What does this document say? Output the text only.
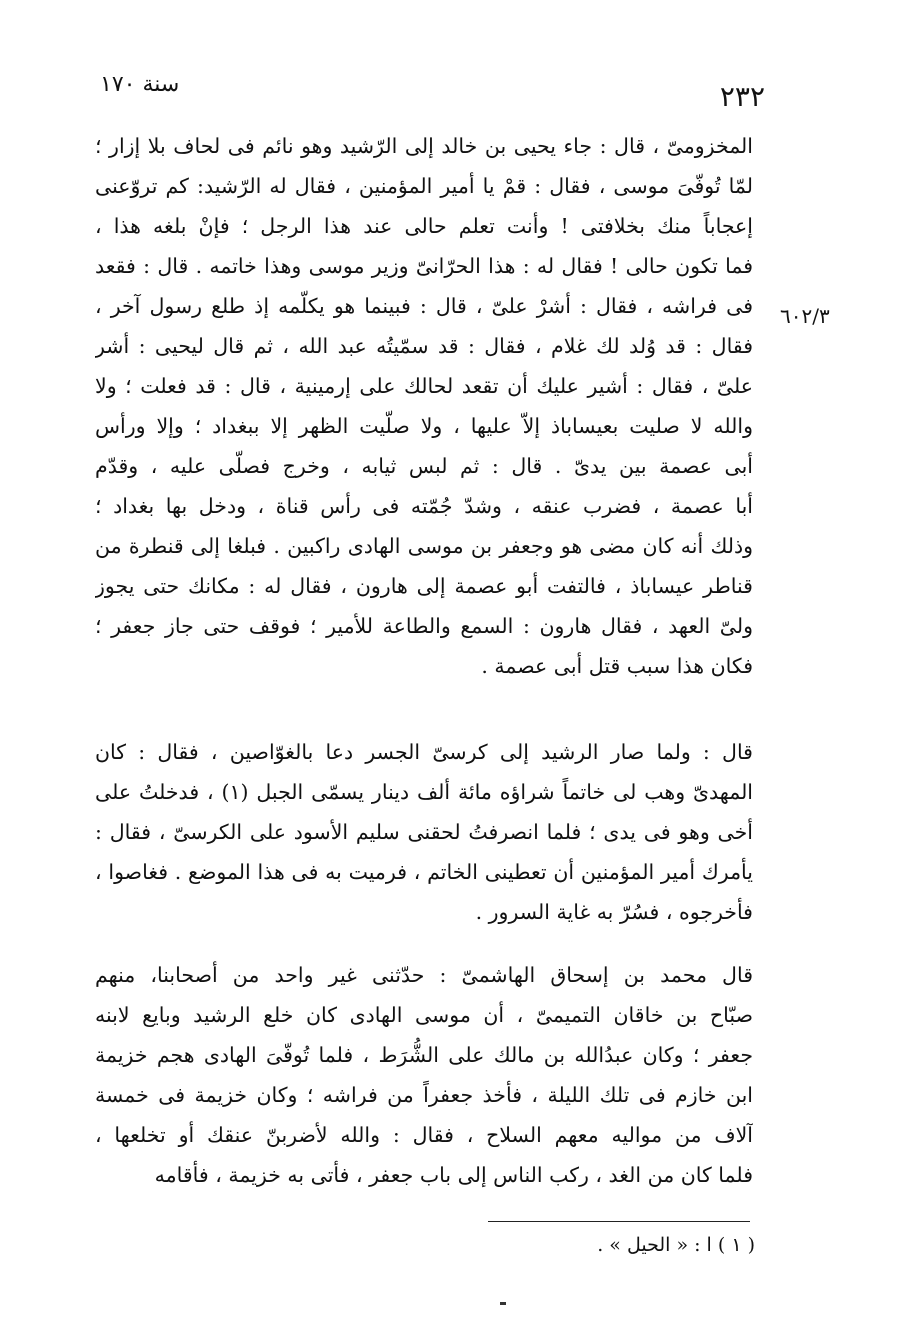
سنة ١٧٠	٢٣٢
٦٠٢/٣
المخزومىّ ، قال : جاء يحيى بن خالد إلى الرّشيد وهو نائم فى لحاف بلا إزار ؛
لمّا تُوفّىَ موسى ، فقال : قمْ يا أمير المؤمنين ، فقال له الرّشيد: كم تروّعنى
إعجاباً منك بخلافتى ! وأنت تعلم حالى عند هذا الرجل ؛ فإنْ بلغه هذا ،
فما تكون حالى ! فقال له : هذا الحرّانىّ وزير موسى وهذا خاتمه . قال : فقعد
فى فراشه ، فقال : أشرْ علىّ ، قال : فبينما هو يكلّمه إذ طلع رسول آخر ،
فقال : قد وُلد لك غلام ، فقال : قد سمّيتُه عبد الله ، ثم قال ليحيى : أشر
علىّ ، فقال : أشير عليك أن تقعد لحالك على إرمينية ، قال : قد فعلت ؛ ولا
والله لا صليت بعيساباذ إلاّ عليها ، ولا صلّيت الظهر إلا ببغداد ؛ وإلا ورأس
أبى عصمة بين يدىّ . قال : ثم لبس ثيابه ، وخرج فصلّى عليه ، وقدّم
أبا عصمة ، فضرب عنقه ، وشدّ جُمّته فى رأس قناة ، ودخل بها بغداد ؛
وذلك أنه كان مضى هو وجعفر بن موسى الهادى راكبين . فبلغا إلى قنطرة من
قناطر عيساباذ ، فالتفت أبو عصمة إلى هارون ، فقال له : مكانك حتى يجوز
ولىّ العهد ، فقال هارون : السمع والطاعة للأمير ؛ فوقف حتى جاز جعفر ؛
فكان هذا سبب قتل أبى عصمة .
قال : ولما صار الرشيد إلى كرسىّ الجسر دعا بالغوّاصين ، فقال : كان
المهدىّ وهب لى خاتماً شراؤه مائة ألف دينار يسمّى الجبل (١) ، فدخلتُ على
أخى وهو فى يدى ؛ فلما انصرفتُ لحقنى سليم الأسود على الكرسىّ ، فقال :
يأمرك أمير المؤمنين أن تعطينى الخاتم ، فرميت به فى هذا الموضع . فغاصوا ،
فأخرجوه ، فسُرّ به غاية السرور .
قال محمد بن إسحاق الهاشمىّ : حدّثنى غير واحد من أصحابنا، منهم
صبّاح بن خاقان التميمىّ ، أن موسى الهادى كان خلع الرشيد وبايع لابنه
جعفر ؛ وكان عبدُالله بن مالك على الشُّرَط ، فلما تُوفّىَ الهادى هجم خزيمة
ابن خازم فى تلك الليلة ، فأخذ جعفراً من فراشه ؛ وكان خزيمة فى خمسة
آلاف من مواليه معهم السلاح ، فقال : والله لأضربنّ عنقك أو تخلعها ،
فلما كان من الغد ، ركب الناس إلى باب جعفر ، فأتى به خزيمة ، فأقامه
( ١ ) ا : « الحيل » .
